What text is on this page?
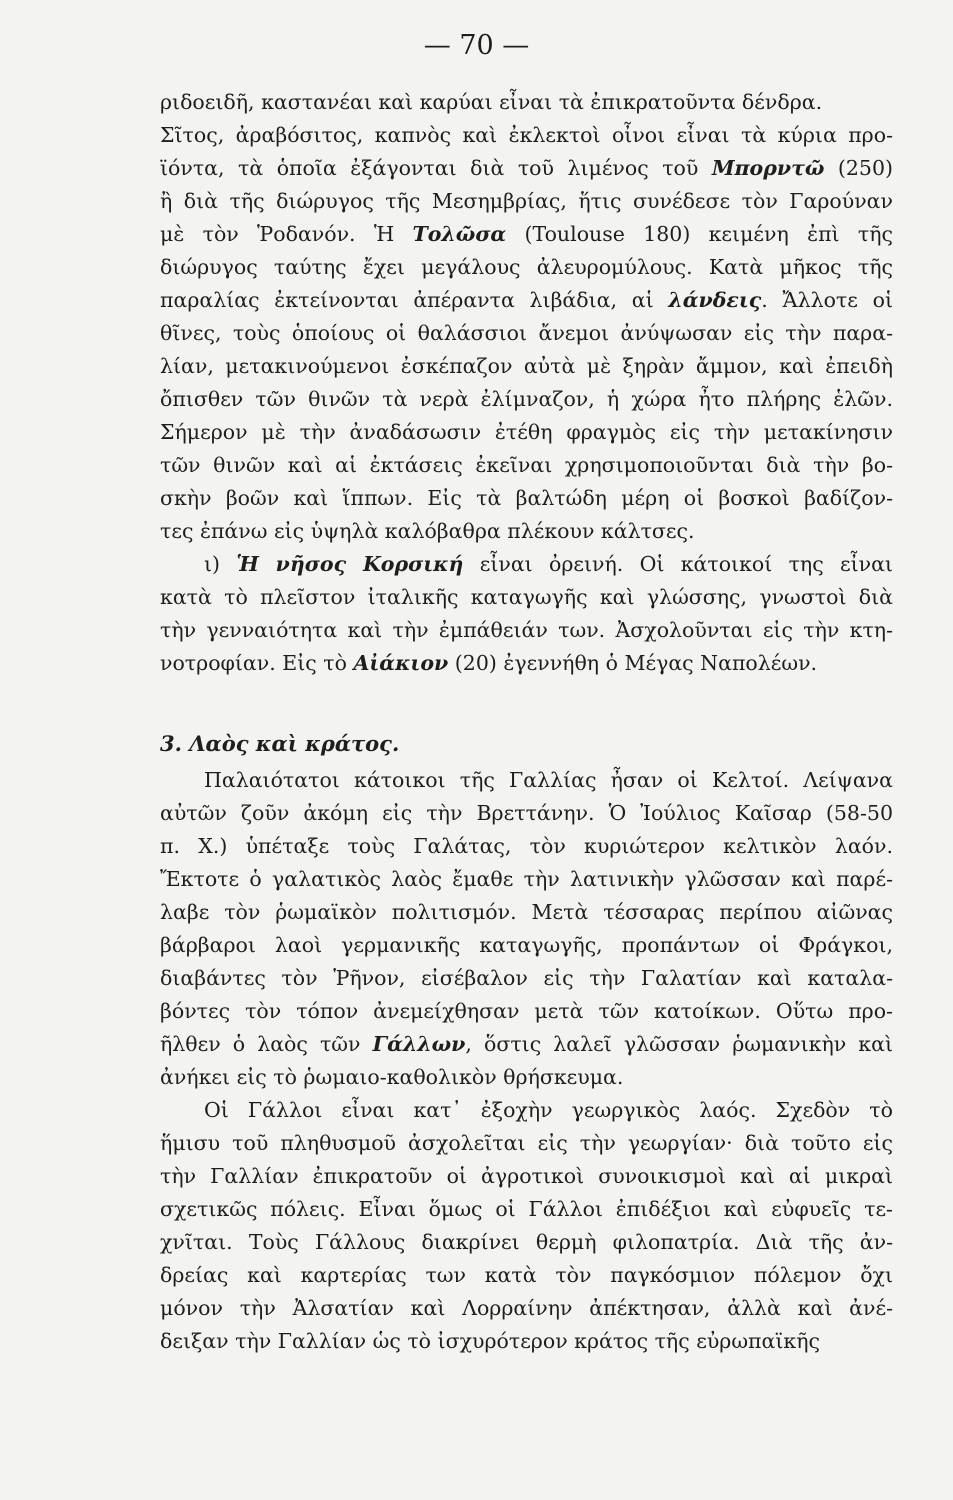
— 70 —
ριδοειδῆ, καστανέαι καὶ καρύαι εἶναι τὰ ἐπικρατοῦντα δένδρα.
Σῖτος, ἀραβόσιτος, καπνὸς καὶ ἐκλεκτοὶ οἶνοι εἶναι τὰ κύρια προ-
ϊόντα, τὰ ὁποῖα ἐξάγονται διὰ τοῦ λιμένος τοῦ Μπορντῶ (250)
ἢ διὰ τῆς διώρυγος τῆς Μεσημβρίας, ἥτις συνέδεσε τὸν Γαρούναν
μὲ τὸν Ῥοδανόν. Ἡ Τολῶσα (Toulouse 180) κειμένη ἐπὶ τῆς
διώρυγος ταύτης ἔχει μεγάλους ἀλευρομύλους. Κατὰ μῆκος τῆς
παραλίας ἐκτείνονται ἀπέραντα λιβάδια, αἱ λάνδεις. Ἄλλοτε οἱ
θῖνες, τοὺς ὁποίους οἱ θαλάσσιοι ἄνεμοι ἀνύψωσαν εἰς τὴν παρα-
λίαν, μετακινούμενοι ἐσκέπαζον αὐτὰ μὲ ξηρὰν ἄμμον, καὶ ἐπειδὴ
ὄπισθεν τῶν θινῶν τὰ νερὰ ἐλίμναζον, ἡ χώρα ἦτο πλήρης ἑλῶν.
Σήμερον μὲ τὴν ἀναδάσωσιν ἐτέθη φραγμὸς εἰς τὴν μετακίνησιν
τῶν θινῶν καὶ αἱ ἐκτάσεις ἐκεῖναι χρησιμοποιοῦνται διὰ τὴν βο-
σκὴν βοῶν καὶ ἵππων. Εἰς τὰ βαλτώδη μέρη οἱ βοσκοὶ βαδίζον-
τες ἐπάνω εἰς ὑψηλὰ καλόβαθρα πλέκουν κάλτσες.
ι) Ἡ νῆσος Κορσική εἶναι ὀρεινή. Οἱ κάτοικοί της εἶναι
κατὰ τὸ πλεῖστον ἰταλικῆς καταγωγῆς καὶ γλώσσης, γνωστοὶ διὰ
τὴν γενναιότητα καὶ τὴν ἐμπάθειάν των. Ἀσχολοῦνται εἰς τὴν κτη-
νοτροφίαν. Εἰς τὸ Αἰάκιον (20) ἐγεννήθη ὁ Μέγας Ναπολέων.
3. Λαὸς καὶ κράτος.
Παλαιότατοι κάτοικοι τῆς Γαλλίας ἦσαν οἱ Κελτοί. Λείψανα
αὐτῶν ζοῦν ἀκόμη εἰς τὴν Βρεττάνην. Ὁ Ἰούλιος Καῖσαρ (58-50
π. Χ.) ὑπέταξε τοὺς Γαλάτας, τὸν κυριώτερον κελτικὸν λαόν.
Ἔκτοτε ὁ γαλατικὸς λαὸς ἔμαθε τὴν λατινικὴν γλῶσσαν καὶ παρέ-
λαβε τὸν ῥωμαϊκὸν πολιτισμόν. Μετὰ τέσσαρας περίπου αἰῶνας
βάρβαροι λαοὶ γερμανικῆς καταγωγῆς, προπάντων οἱ Φράγκοι,
διαβάντες τὸν Ῥῆνον, εἰσέβαλον εἰς τὴν Γαλατίαν καὶ καταλα-
βόντες τὸν τόπον ἀνεμείχθησαν μετὰ τῶν κατοίκων. Οὕτω προ-
ῆλθεν ὁ λαὸς τῶν Γάλλων, ὅστις λαλεῖ γλῶσσαν ῥωμανικὴν καὶ
ἀνήκει εἰς τὸ ῥωμαιο-καθολικὸν θρήσκευμα.
Οἱ Γάλλοι εἶναι κατ᾽ ἐξοχὴν γεωργικὸς λαός. Σχεδὸν τὸ
ἥμισυ τοῦ πληθυσμοῦ ἀσχολεῖται εἰς τὴν γεωργίαν· διὰ τοῦτο εἰς
τὴν Γαλλίαν ἐπικρατοῦν οἱ ἀγροτικοὶ συνοικισμοὶ καὶ αἱ μικραὶ
σχετικῶς πόλεις. Εἶναι ὅμως οἱ Γάλλοι ἐπιδέξιοι καὶ εὐφυεῖς τε-
χνῖται. Τοὺς Γάλλους διακρίνει θερμὴ φιλοπατρία. Διὰ τῆς ἀν-
δρείας καὶ καρτερίας των κατὰ τὸν παγκόσμιον πόλεμον ὄχι
μόνον τὴν Ἀλσατίαν καὶ Λορραίνην ἀπέκτησαν, ἀλλὰ καὶ ἀνέ-
δειξαν τὴν Γαλλίαν ὡς τὸ ἰσχυρότερον κράτος τῆς εὐρωπαϊκῆς
